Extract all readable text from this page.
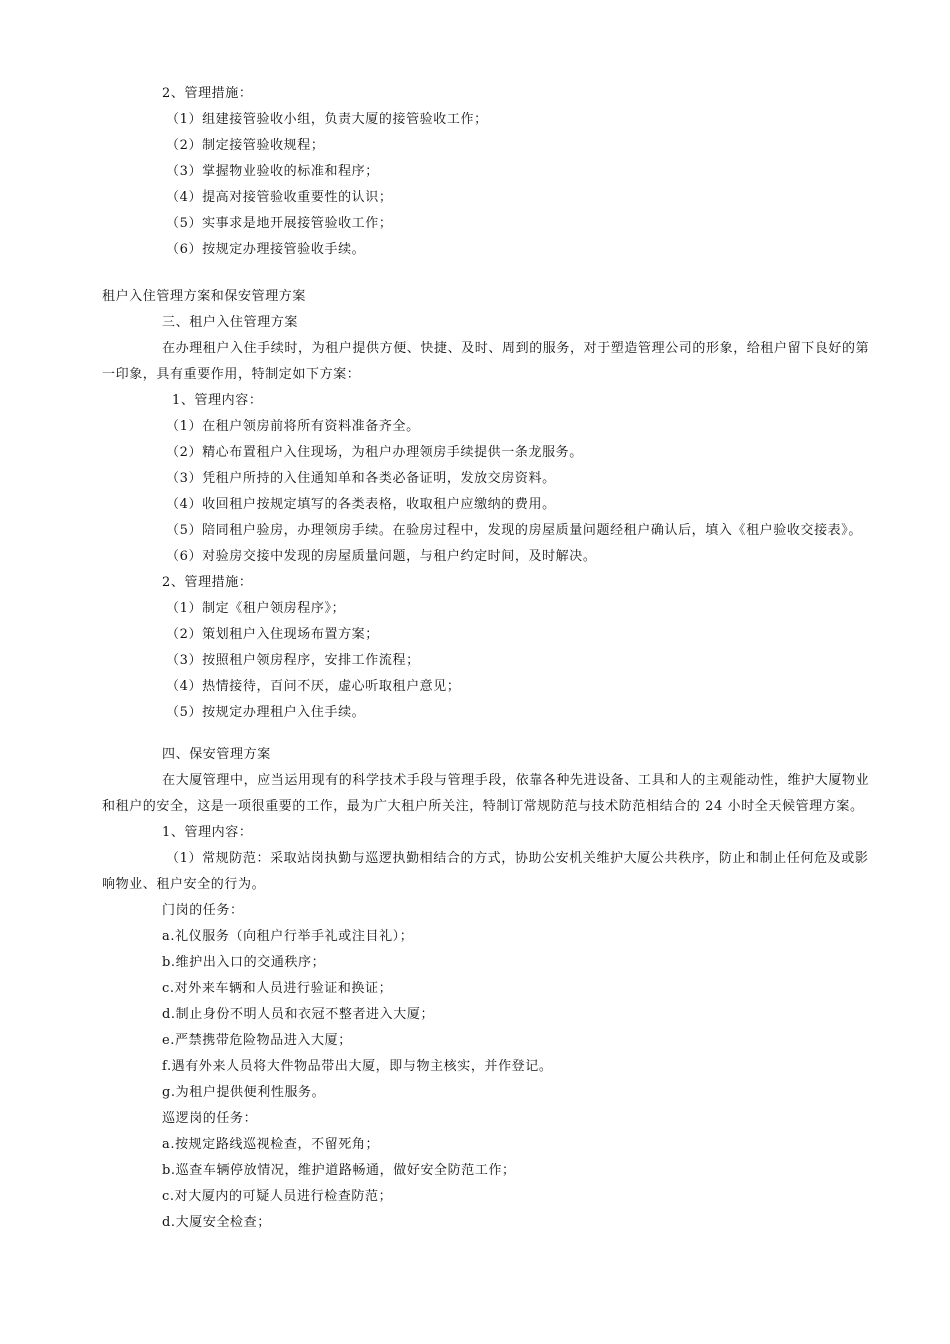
2、管理措施：
（1）组建接管验收小组，负责大厦的接管验收工作；
（2）制定接管验收规程；
（3）掌握物业验收的标准和程序；
（4）提高对接管验收重要性的认识；
（5）实事求是地开展接管验收工作；
（6）按规定办理接管验收手续。
租户入住管理方案和保安管理方案
三、租户入住管理方案
在办理租户入住手续时，为租户提供方便、快捷、及时、周到的服务，对于塑造管理公司的形象，给租户留下良好的第
一印象，具有重要作用，特制定如下方案：
1、管理内容：
（1）在租户领房前将所有资料准备齐全。
（2）精心布置租户入住现场，为租户办理领房手续提供一条龙服务。
（3）凭租户所持的入住通知单和各类必备证明，发放交房资料。
（4）收回租户按规定填写的各类表格，收取租户应缴纳的费用。
（5）陪同租户验房，办理领房手续。在验房过程中，发现的房屋质量问题经租户确认后，填入《租户验收交接表》。
（6）对验房交接中发现的房屋质量问题，与租户约定时间，及时解决。
2、管理措施：
（1）制定《租户领房程序》；
（2）策划租户入住现场布置方案；
（3）按照租户领房程序，安排工作流程；
（4）热情接待，百问不厌，虚心听取租户意见；
（5）按规定办理租户入住手续。
四、保安管理方案
在大厦管理中，应当运用现有的科学技术手段与管理手段，依靠各种先进设备、工具和人的主观能动性，维护大厦物业
和租户的安全，这是一项很重要的工作，最为广大租户所关注，特制订常规防范与技术防范相结合的 24 小时全天候管理方案。
1、管理内容：
（1）常规防范：采取站岗执勤与巡逻执勤相结合的方式，协助公安机关维护大厦公共秩序，防止和制止任何危及或影
响物业、租户安全的行为。
门岗的任务：
a.礼仪服务（向租户行举手礼或注目礼）；
b.维护出入口的交通秩序；
c.对外来车辆和人员进行验证和换证；
d.制止身份不明人员和衣冠不整者进入大厦；
e.严禁携带危险物品进入大厦；
f.遇有外来人员将大件物品带出大厦，即与物主核实，并作登记。
g.为租户提供便利性服务。
巡逻岗的任务：
a.按规定路线巡视检查，不留死角；
b.巡查车辆停放情况，维护道路畅通，做好安全防范工作；
c.对大厦内的可疑人员进行检查防范；
d.大厦安全检查；
